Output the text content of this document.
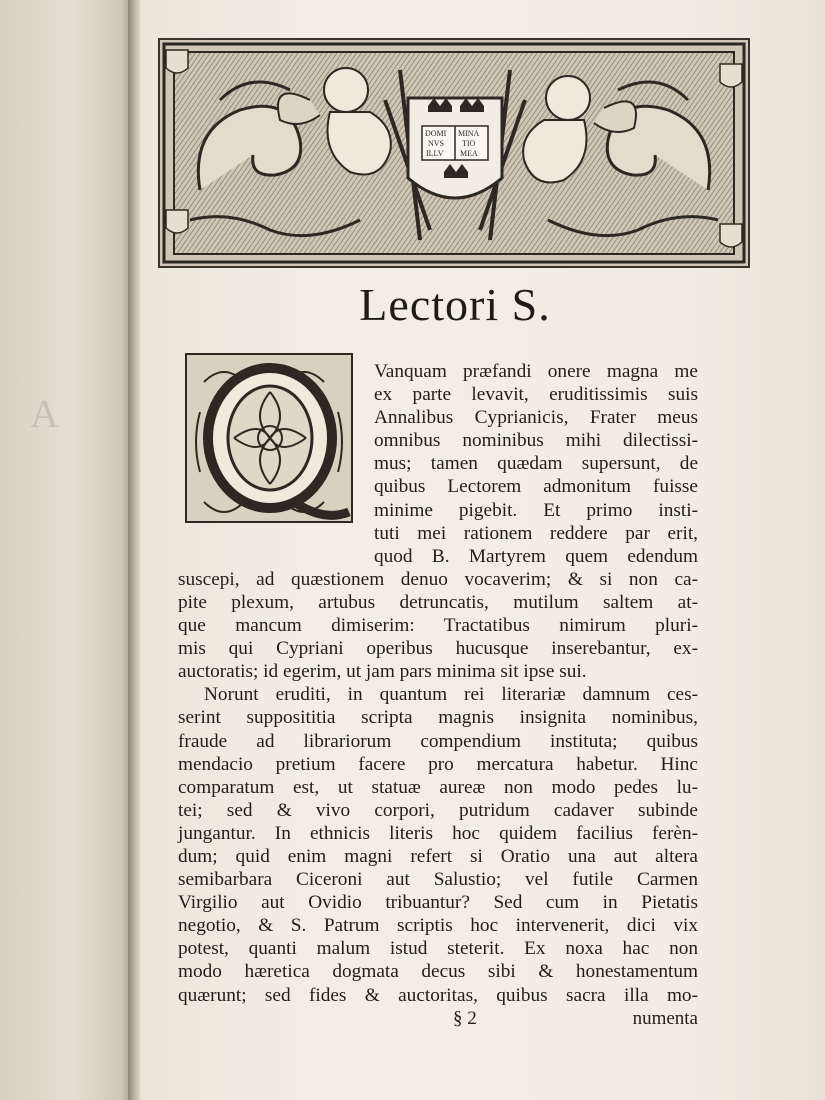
A
DOMI
NVS
ILLV
MINA
TIO
MEA
Lectori S.
Vanquam præfandi onere magna me
ex parte levavit, eruditissimis suis
Annalibus Cyprianicis, Frater meus
omnibus nominibus mihi dilectissi-
mus; tamen quædam supersunt, de
quibus Lectorem admonitum fuisse
minime pigebit. Et primo insti-
tuti mei rationem reddere par erit,
quod B. Martyrem quem edendum
suscepi, ad quæstionem denuo vocaverim; & si non ca-
pite plexum, artubus detruncatis, mutilum saltem at-
que mancum dimiserim: Tractatibus nimirum pluri-
mis qui Cypriani operibus hucusque inserebantur, ex-
auctoratis; id egerim, ut jam pars minima sit ipse sui.
Norunt eruditi, in quantum rei literariæ damnum ces-
serint supposititia scripta magnis insignita nominibus,
fraude ad librariorum compendium instituta; quibus
mendacio pretium facere pro mercatura habetur. Hinc
comparatum est, ut statuæ aureæ non modo pedes lu-
tei; sed & vivo corpori, putridum cadaver subinde
jungantur. In ethnicis literis hoc quidem facilius ferèn-
dum; quid enim magni refert si Oratio una aut altera
semibarbara Ciceroni aut Salustio; vel futile Carmen
Virgilio aut Ovidio tribuantur? Sed cum in Pietatis
negotio, & S. Patrum scriptis hoc intervenerit, dici vix
potest, quanti malum istud steterit. Ex noxa hac non
modo hæretica dogmata decus sibi & honestamentum
quærunt; sed fides & auctoritas, quibus sacra illa mo-
§ 2	numenta
